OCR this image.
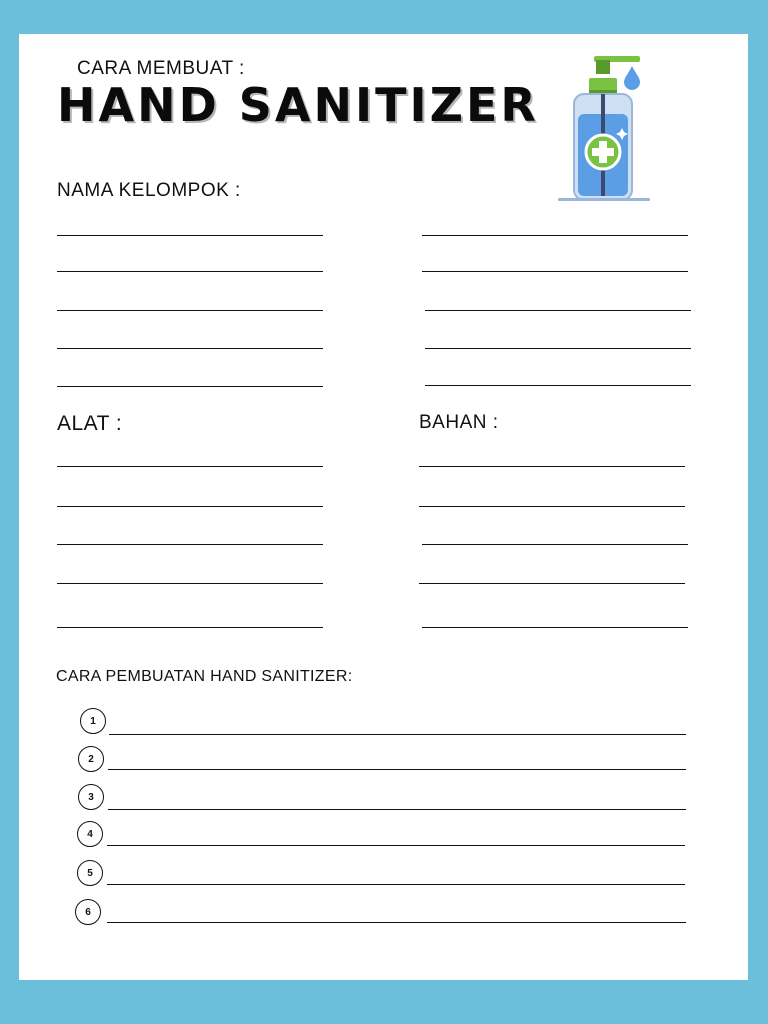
CARA MEMBUAT :
HAND SANITIZER
NAMA KELOMPOK :
ALAT :	BAHAN :
CARA PEMBUATAN HAND SANITIZER:
1
2
3
4
5
6
